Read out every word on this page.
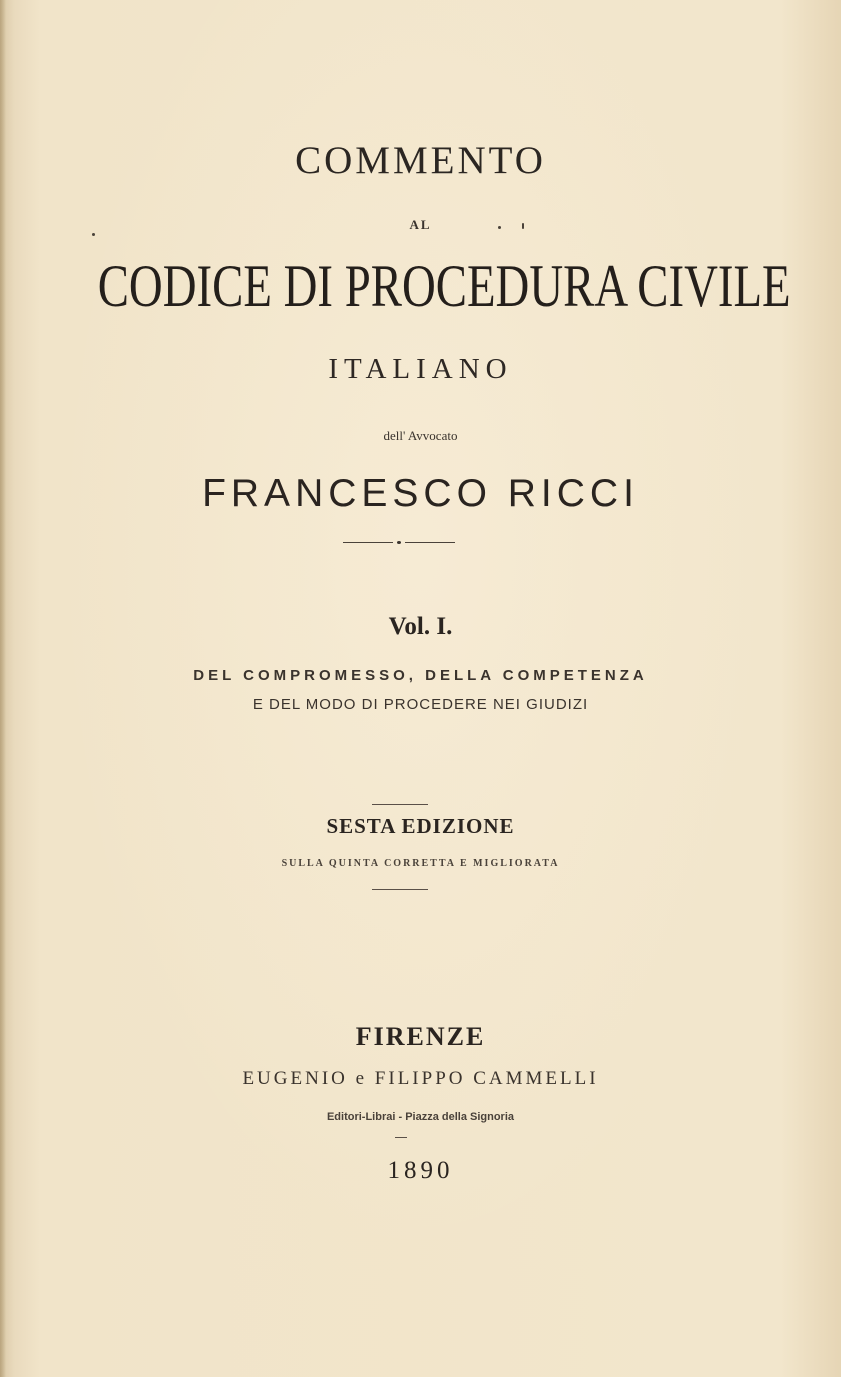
COMMENTO
AL
CODICE DI PROCEDURA CIVILE
ITALIANO
dell' Avvocato
FRANCESCO RICCI
Vol. I.
DEL COMPROMESSO, DELLA COMPETENZA
E DEL MODO DI PROCEDERE NEI GIUDIZI
SESTA EDIZIONE
SULLA QUINTA CORRETTA E MIGLIORATA
FIRENZE
EUGENIO e FILIPPO CAMMELLI
Editori-Librai - Piazza della Signoria
1890
